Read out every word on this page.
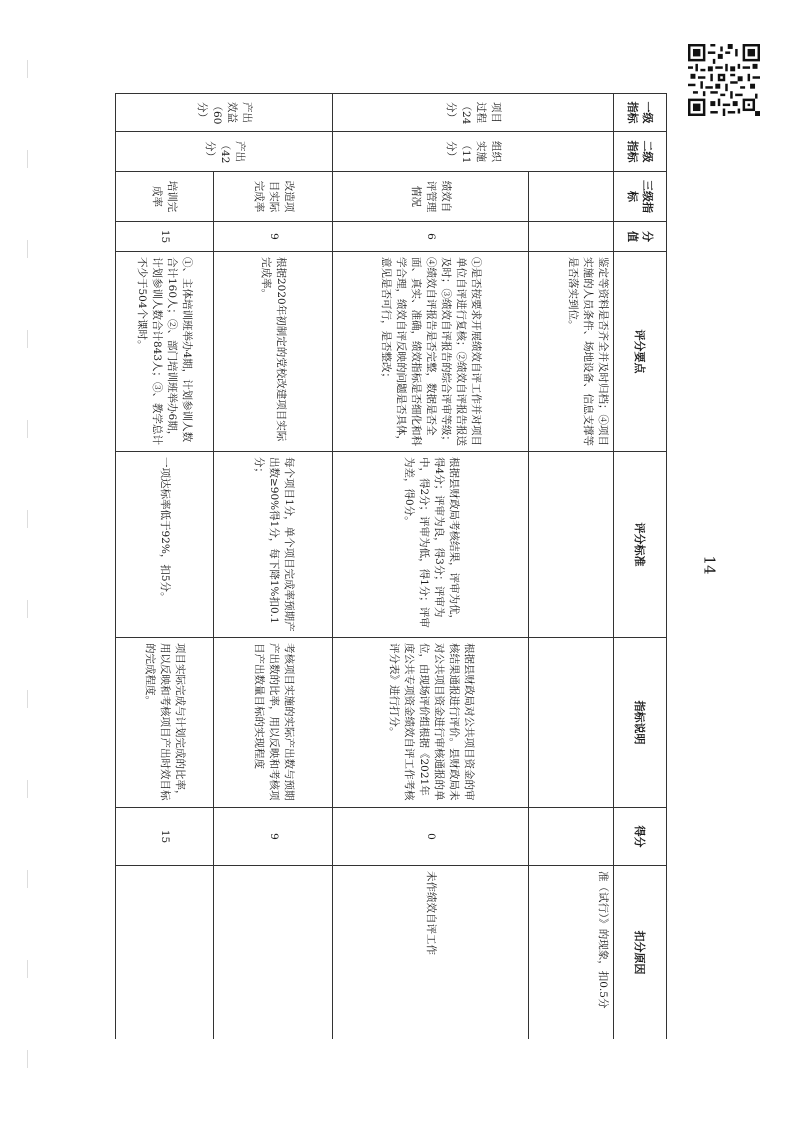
14
一级指标	二级指标	三级指标	分值	评分要点	评分标准	指标说明	得分	扣分原因
项目过程（24分）	组织实施（11分）			鉴定等资料是否齐全并及时归档；④项目实施的人员条件、场地设备、信息支撑等是否落实到位。				准（试行）》的现象，扣0.5分
		绩效自评管理情况	6	①是否按要求开展绩效自评工作并对项目单位自评进行复核；②绩效自评报告报送及时；③绩效自评报告的综合评审等级；④绩效自评报告是否完整，数据是否全面、真实、准确，绩效指标是否细化和科学合理，绩效自评反映的问题是否具体，意见是否可行，是否整改；	根据县财政局考核结果，评审为优，得4分；评审为良，得3分；评审为中，得2分；评审为低，得1分；评审为差，得0分。	根据县财政局对公共项目资金的审核结果通报进行评价。县财政局未对公共项目资金进行审核通报的单位，由现场评价组根据《2021年度公共专项资金绩效自评工作考核评分表》进行打分。	0	未作绩效自评工作
产出效益（60分）	产出（42分）	改造项目实际完成率	9	根据2020年初制定的党校改建项目实际完成率。	每个项目1分，单个项目完成率预期产出数≥90%得1分，每下降1%扣0.1分；	考核项目实施的实际产出数与预期产出数的比率，用以反映和考核项目产出数量目标的实现程度	9	
		培训完成率	15	①、主体培训班举办4期，计划参训人数合计160人；②、部门培训班举办6期，计划参训人数合计843人；③、教学总计不少于504个课时。	一项达标率低于92%，扣5分。	项目实际完成与计划完成的比率，用以反映和考核项目产出时效目标的完成程度。	15	
